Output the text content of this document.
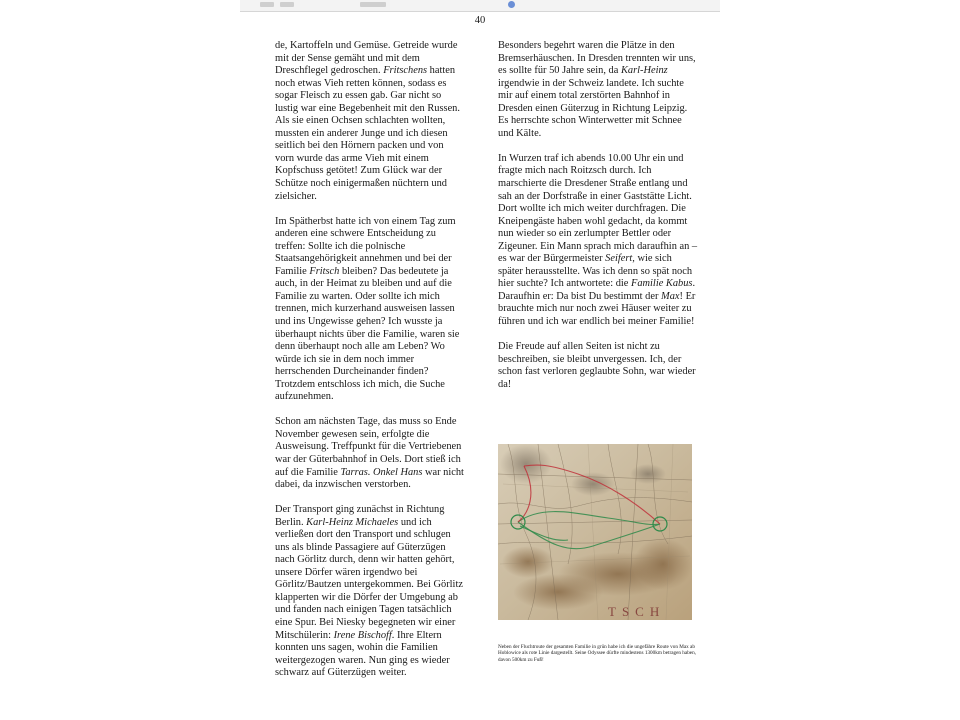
40

de, Kartoffeln und Gemüse. Getreide wurde mit der Sense gemäht und mit dem Dreschflegel gedroschen. Fritschens hatten noch etwas Vieh retten können, sodass es sogar Fleisch zu essen gab. Gar nicht so lustig war eine Begebenheit mit den Russen. Als sie einen Ochsen schlachten wollten, mussten ein anderer Junge und ich diesen seitlich bei den Hörnern packen und von vorn wurde das arme Vieh mit einem Kopfschuss getötet! Zum Glück war der Schütze noch einigermaßen nüchtern und zielsicher.

Im Spätherbst hatte ich von einem Tag zum anderen eine schwere Entscheidung zu treffen: Sollte ich die polnische Staatsangehörigkeit annehmen und bei der Familie Fritsch bleiben? Das bedeutete ja auch, in der Heimat zu bleiben und auf die Familie zu warten. Oder sollte ich mich trennen, mich kurzerhand ausweisen lassen und ins Ungewisse gehen? Ich wusste ja überhaupt nichts über die Familie, waren sie denn überhaupt noch alle am Leben? Wo würde ich sie in dem noch immer herrschenden Durcheinander finden? Trotzdem entschloss ich mich, die Suche aufzunehmen.

Schon am nächsten Tage, das muss so Ende November gewesen sein, erfolgte die Ausweisung. Treffpunkt für die Vertriebenen war der Güterbahnhof in Oels. Dort stieß ich auf die Familie Tarras. Onkel Hans war nicht dabei, da inzwischen verstorben.

Der Transport ging zunächst in Richtung Berlin. Karl-Heinz Michaeles und ich verließen dort den Transport und schlugen uns als blinde Passagiere auf Güterzügen nach Görlitz durch, denn wir hatten gehört, unsere Dörfer wären irgendwo bei Görlitz/Bautzen untergekommen. Bei Görlitz klapperten wir die Dörfer der Umgebung ab und fanden nach einigen Tagen tatsächlich eine Spur. Bei Niesky begegneten wir einer Mitschülerin: Irene Bischoff. Ihre Eltern konnten uns sagen, wohin die Familien weitergezogen waren. Nun ging es wieder schwarz auf Güterzügen weiter.

Besonders begehrt waren die Plätze in den Bremserhäuschen. In Dresden trennten wir uns, es sollte für 50 Jahre sein, da Karl-Heinz irgendwie in der Schweiz landete. Ich suchte mir auf einem total zerstörten Bahnhof in Dresden einen Güterzug in Richtung Leipzig. Es herrschte schon Winterwetter mit Schnee und Kälte.

In Wurzen traf ich abends 10.00 Uhr ein und fragte mich nach Roitzsch durch. Ich marschierte die Dresdener Straße entlang und sah an der Dorfstraße in einer Gaststätte Licht. Dort wollte ich mich weiter durchfragen. Die Kneipengäste haben wohl gedacht, da kommt nun wieder so ein zerlumpter Bettler oder Zigeuner. Ein Mann sprach mich daraufhin an – es war der Bürgermeister Seifert, wie sich später herausstellte. Was ich denn so spät noch hier suchte? Ich antwortete: die Familie Kabus. Daraufhin er: Da bist Du bestimmt der Max! Er brauchte mich nur noch zwei Häuser weiter zu führen und ich war endlich bei meiner Familie!

Die Freude auf allen Seiten ist nicht zu beschreiben, sie bleibt unvergessen. Ich, der schon fast verloren geglaubte Sohn, war wieder da!

TSCH
Neben der Fluchtroute der gesamten Familie in grün habe ich die ungefähre Route von Max ab Hoblowice als rote Linie dargestellt. Seine Odyssee dürfte mindestens 1300km betragen haben, davon 500km zu Fuß!
